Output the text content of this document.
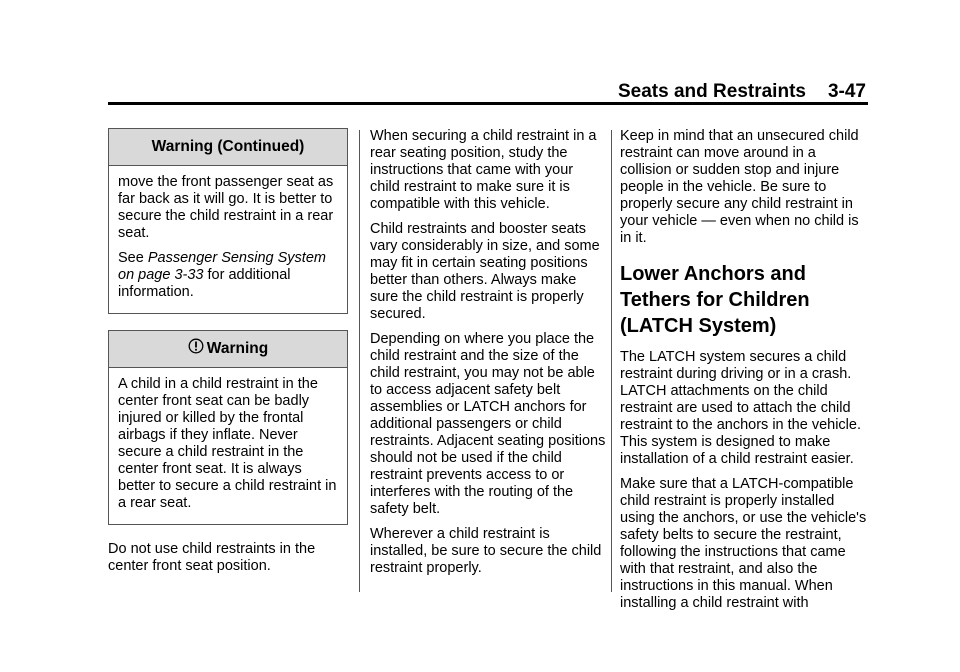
Seats and Restraints 3-47
Warning (Continued)

move the front passenger seat as far back as it will go. It is better to secure the child restraint in a rear seat.

See Passenger Sensing System on page 3-33 for additional information.

Warning

A child in a child restraint in the center front seat can be badly injured or killed by the frontal airbags if they inflate. Never secure a child restraint in the center front seat. It is always better to secure a child restraint in a rear seat.

Do not use child restraints in the center front seat position.

When securing a child restraint in a rear seating position, study the instructions that came with your child restraint to make sure it is compatible with this vehicle.

Child restraints and booster seats vary considerably in size, and some may fit in certain seating positions better than others. Always make sure the child restraint is properly secured.

Depending on where you place the child restraint and the size of the child restraint, you may not be able to access adjacent safety belt assemblies or LATCH anchors for additional passengers or child restraints. Adjacent seating positions should not be used if the child restraint prevents access to or interferes with the routing of the safety belt.

Wherever a child restraint is installed, be sure to secure the child restraint properly.

Keep in mind that an unsecured child restraint can move around in a collision or sudden stop and injure people in the vehicle. Be sure to properly secure any child restraint in your vehicle — even when no child is in it.

Lower Anchors and Tethers for Children (LATCH System)

The LATCH system secures a child restraint during driving or in a crash. LATCH attachments on the child restraint are used to attach the child restraint to the anchors in the vehicle. This system is designed to make installation of a child restraint easier.

Make sure that a LATCH-compatible child restraint is properly installed using the anchors, or use the vehicle's safety belts to secure the restraint, following the instructions that came with that restraint, and also the instructions in this manual. When installing a child restraint with
